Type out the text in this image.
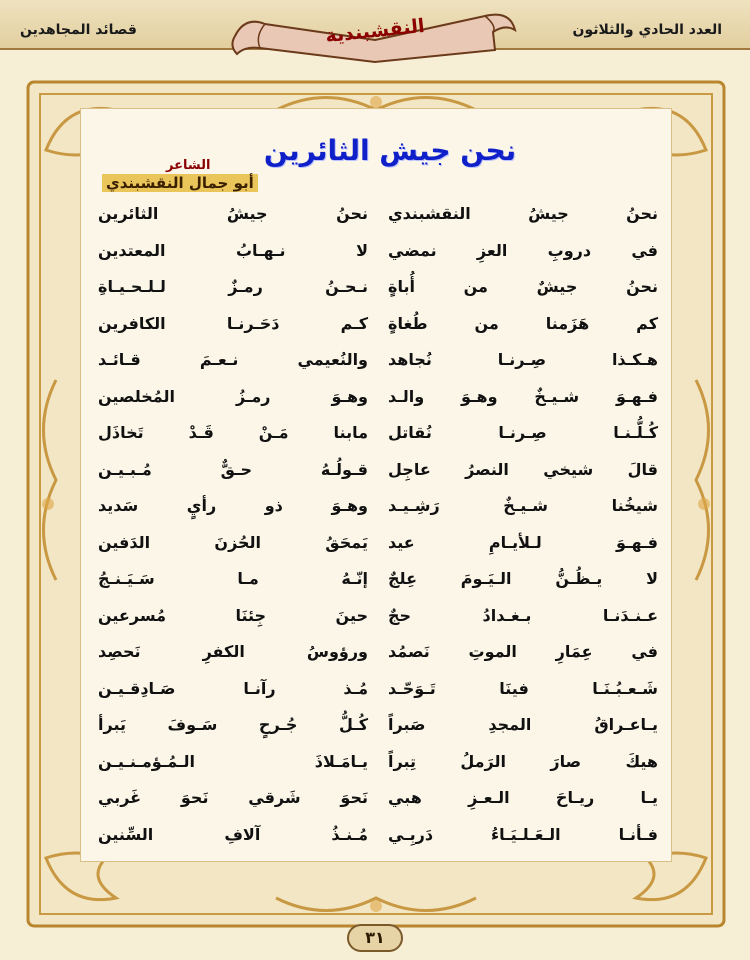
قصائد المجاهدين	العدد الحادي والثلاثون
النقشبندية
نحن جيش الثائرين
الشاعر
أبو جمال النقشبندي
نحنُ جيشُ النقشبندي
نحنُ جيشُ الثائرين
في دروبِ العزِ نمضي
لا نـهـابُ المعتدين
نحنُ جيشٌ من أُباةٍ
نـحـنُ رمـزٌ لـلـحـيـاةِ
كم هَزَمنا من طُغاةٍ
كـم دَحَـرنـا الكافرين
هـكـذا صِـرنـا نُجاهد
والنُعيمي نـعـمَ قـائـد
فـهـوَ شـيـخٌ وهـوَ والـد
وهـوَ رمـزُ المُخلصين
كُـلُّـنـا صِـرنـا نُقاتل
مابنا مَـنْ قَـدْ تَخاذَل
قالَ شيخي النصرُ عاجِل
قـولُـهُ حـقٌّ مُـبـيـن
شيخُنا شـيـخٌ رَشِـيـد
وهـوَ ذو رأيٍ سَديد
فـهـوَ لـلأيـامِ عيد
يَمحَقُ الحُزنَ الدَفين
لا يـظُـنُّ الـيَـومَ عِلجٌ
إنّـهُ مـا سَـيَـنـجُ
عـنـدَنـا بـغـدادُ حجٌ
حينَ جِئنَا مُسرعين
في عِمَارِ الموتِ نَصمُد
ورؤوسُ الكفرِ نَحصِد
شَـعـبُـنَـا فينَا تَـوَحّـد
مُـذ رآنـا صَـادِقـيـن
يـاعـراقُ المجدِ صَبراً
كُـلُّ جُـرحٍ سَـوفَ يَبرأ
هيكَ صارَ الرَملُ تِبراً
يـامَـلاذَ الـمُـؤمـنـيـن
يـا ريـاحَ الـعـزِ هبي
نَحوَ شَرقي نَحوَ غَربي
فـأنـا الـعَـلـيَـاءُ دَربِـي
مُـنـذُ آلافِ السِّنين
٣١
